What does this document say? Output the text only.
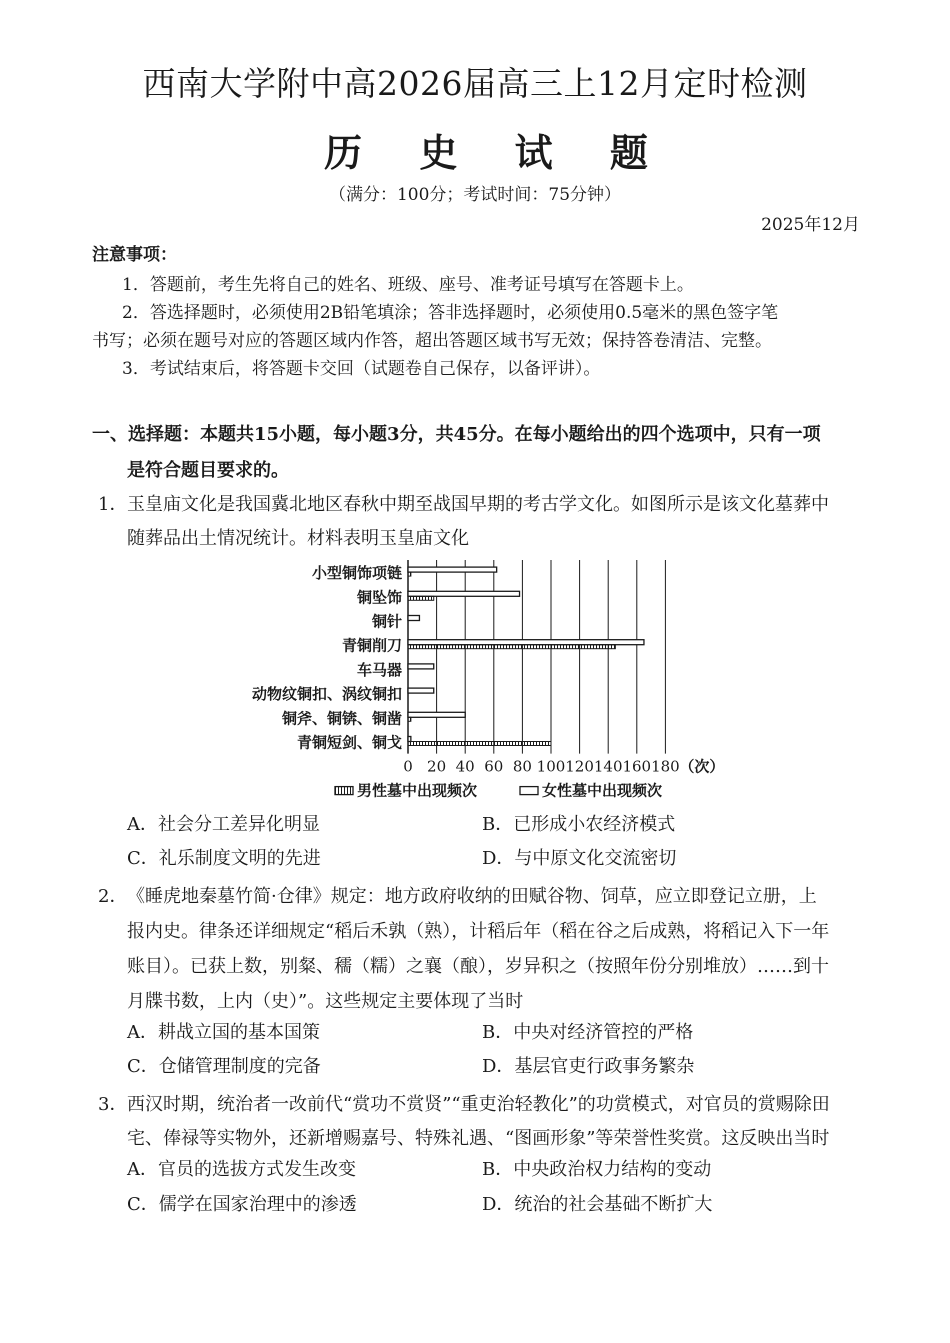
西南大学附中高2026届高三上12月定时检测
历 史 试 题
（满分：100分；考试时间：75分钟）
2025年12月
注意事项：
1．答题前，考生先将自己的姓名、班级、座号、准考证号填写在答题卡上。
2．答选择题时，必须使用2B铅笔填涂；答非选择题时，必须使用0.5毫米的黑色签字笔
书写；必须在题号对应的答题区域内作答，超出答题区域书写无效；保持答卷清洁、完整。
3．考试结束后，将答题卡交回（试题卷自己保存，以备评讲）。
一、选择题：本题共15小题，每小题3分，共45分。在每小题给出的四个选项中，只有一项
是符合题目要求的。
1． 玉皇庙文化是我国冀北地区春秋中期至战国早期的考古学文化。如图所示是该文化墓葬中
随葬品出土情况统计。材料表明玉皇庙文化
小型铜饰项链
铜坠饰
铜针
青铜削刀
车马器
动物纹铜扣、涡纹铜扣
铜斧、铜锛、铜凿
青铜短剑、铜戈
0 20 40 60 80 100 120 140 160 180 （次）
男性墓中出现频次	女性墓中出现频次
A．社会分工差异化明显	B．已形成小农经济模式
C．礼乐制度文明的先进	D．与中原文化交流密切
2． 《睡虎地秦墓竹简·仓律》规定：地方政府收纳的田赋谷物、饲草，应立即登记立册，上
报内史。律条还详细规定“稻后禾孰（熟），计稻后年（稻在谷之后成熟，将稻记入下一年
账目）。已获上数，别粲、穤（糯）之襄（酿），岁异积之（按照年份分别堆放）……到十
月牒书数，上内（史）”。这些规定主要体现了当时
A．耕战立国的基本国策	B．中央对经济管控的严格
C．仓储管理制度的完备	D．基层官吏行政事务繁杂
3． 西汉时期，统治者一改前代“赏功不赏贤”“重吏治轻教化”的功赏模式，对官员的赏赐除田
宅、俸禄等实物外，还新增赐嘉号、特殊礼遇、“图画形象”等荣誉性奖赏。这反映出当时
A．官员的选拔方式发生改变	B．中央政治权力结构的变动
C．儒学在国家治理中的渗透	D．统治的社会基础不断扩大
